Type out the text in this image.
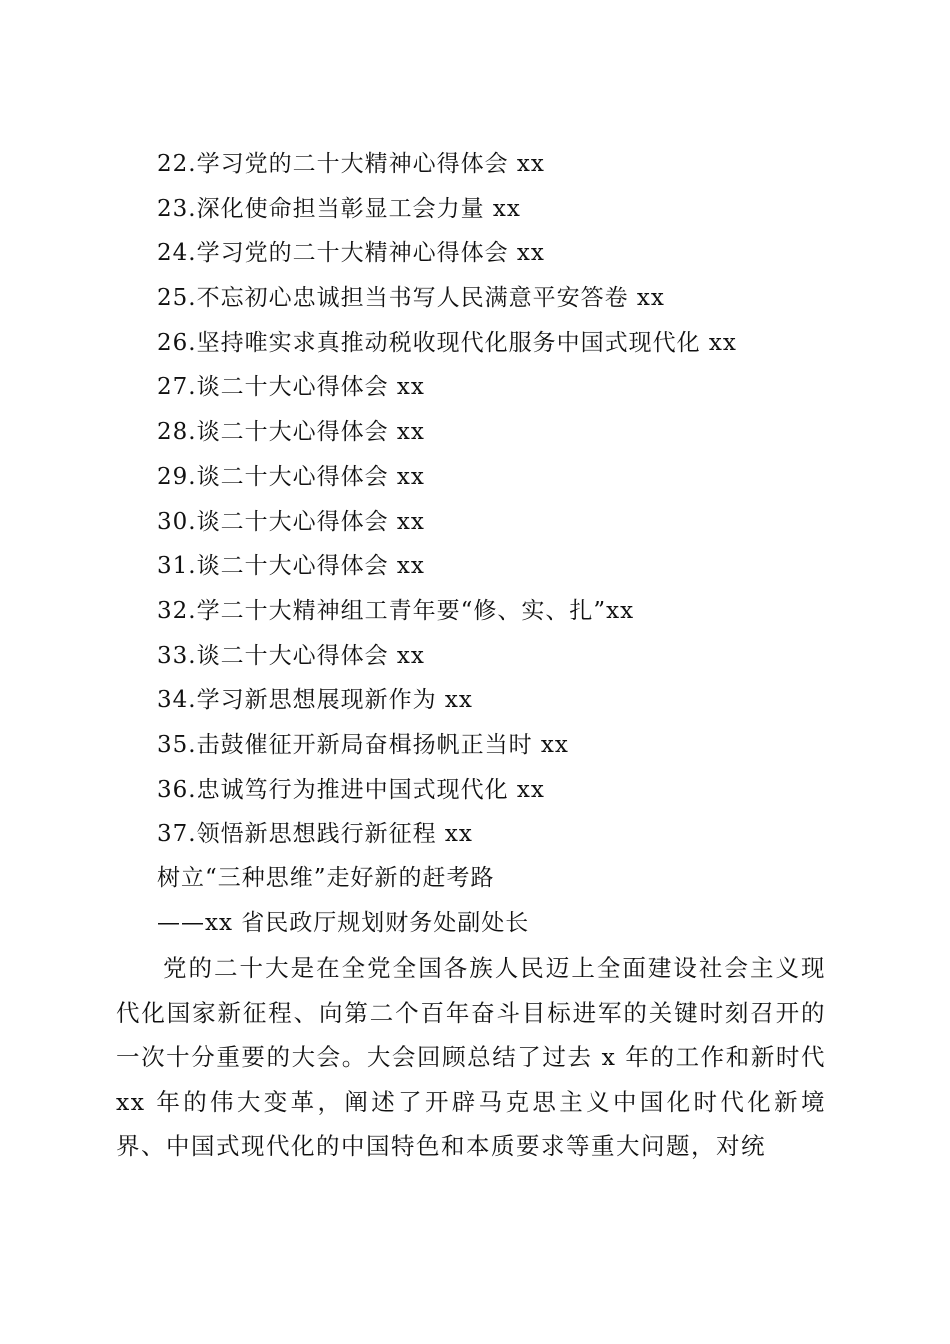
22.学习党的二十大精神心得体会 xx
23.深化使命担当彰显工会力量 xx
24.学习党的二十大精神心得体会 xx
25.不忘初心忠诚担当书写人民满意平安答卷 xx
26.坚持唯实求真推动税收现代化服务中国式现代化 xx
27.谈二十大心得体会 xx
28.谈二十大心得体会 xx
29.谈二十大心得体会 xx
30.谈二十大心得体会 xx
31.谈二十大心得体会 xx
32.学二十大精神组工青年要“修、实、扎”xx
33.谈二十大心得体会 xx
34.学习新思想展现新作为 xx
35.击鼓催征开新局奋楫扬帆正当时 xx
36.忠诚笃行为推进中国式现代化 xx
37.领悟新思想践行新征程 xx
树立“三种思维”走好新的赶考路
——xx 省民政厅规划财务处副处长

党的二十大是在全党全国各族人民迈上全面建设社会主义现代化国家新征程、向第二个百年奋斗目标进军的关键时刻召开的一次十分重要的大会。大会回顾总结了过去 x 年的工作和新时代 xx 年的伟大变革，阐述了开辟马克思主义中国化时代化新境界、中国式现代化的中国特色和本质要求等重大问题，对统
